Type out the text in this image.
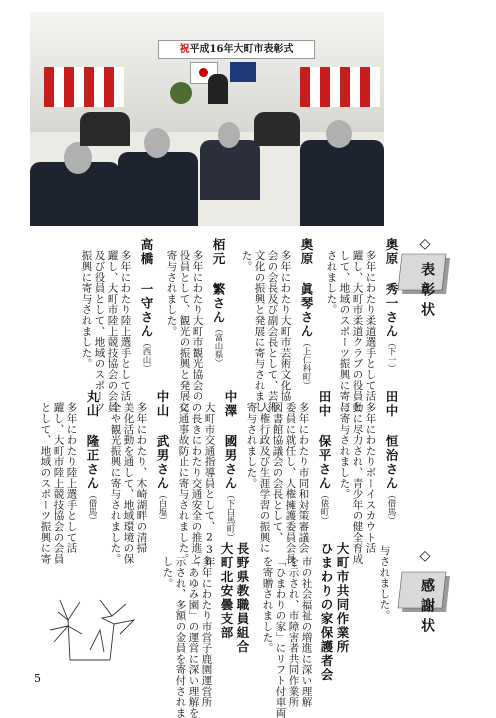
祝平成16年大町市表彰式
◇
表彰状
◇
感謝状
奥原 秀一さん（下一）
多年にわたり柔道選手として活
躍し、大町市柔道クラブの役員と
して、地域のスポーツ振興に寄与
されました。
奥原 眞琴さん（上仁科町）
多年にわたり大町市芸術文化協
会の会長及び副会長として、芸術
文化の振興と発展に寄与されまし
た。
栢元 繁さん（富山県）
多年にわたり大町市観光協会の
役員として、観光の振興と発展に
寄与されました。
高橋 一守さん（西山）
多年にわたり陸上選手として活
躍し、大町市陸上競技協会の会員
及び役員として、地域のスポーツ
振興に寄与されました。
田中 恒治さん（借馬）
多年にわたりボーイスカウト活
動に尽力され、青少年の健全育成
に寄与されました。
田中 保平さん（俵町）
多年にわたり市同和対策審議会
委員に就任し、人権擁護委員会長、
図書館協議会の会長として、
人権行政及び生涯学習の振興に
寄与されました。
中澤 國男さん（下白馬町）
大町市交通指導員として、23年
の長きにわたり交通安全の推進と
交通事故防止に寄与されました。
中山 武男さん（白塩）
多年にわたり、木崎湖畔の清掃
美化活動を通して、地域環境の保
全や観光振興に寄与されました。
丸山 隆正さん（借馬）
多年にわたり陸上選手として活
躍し、大町市陸上競技協会の会員
として、地域のスポーツ振興に寄
与されました。
大町市共同作業所
ひまわりの家保護者会
市の社会福祉の増進に深い理解
を示され、市障害者共同作業所
「ひまわりの家」にリフト付車両
を寄贈されました。
長野県教職員組合
大町北安曇支部
多年にわたり市営子鹿園運営所
「あゆみ園」の運営に深い理解を
示され、多額の金員を寄付されま
した。
5
